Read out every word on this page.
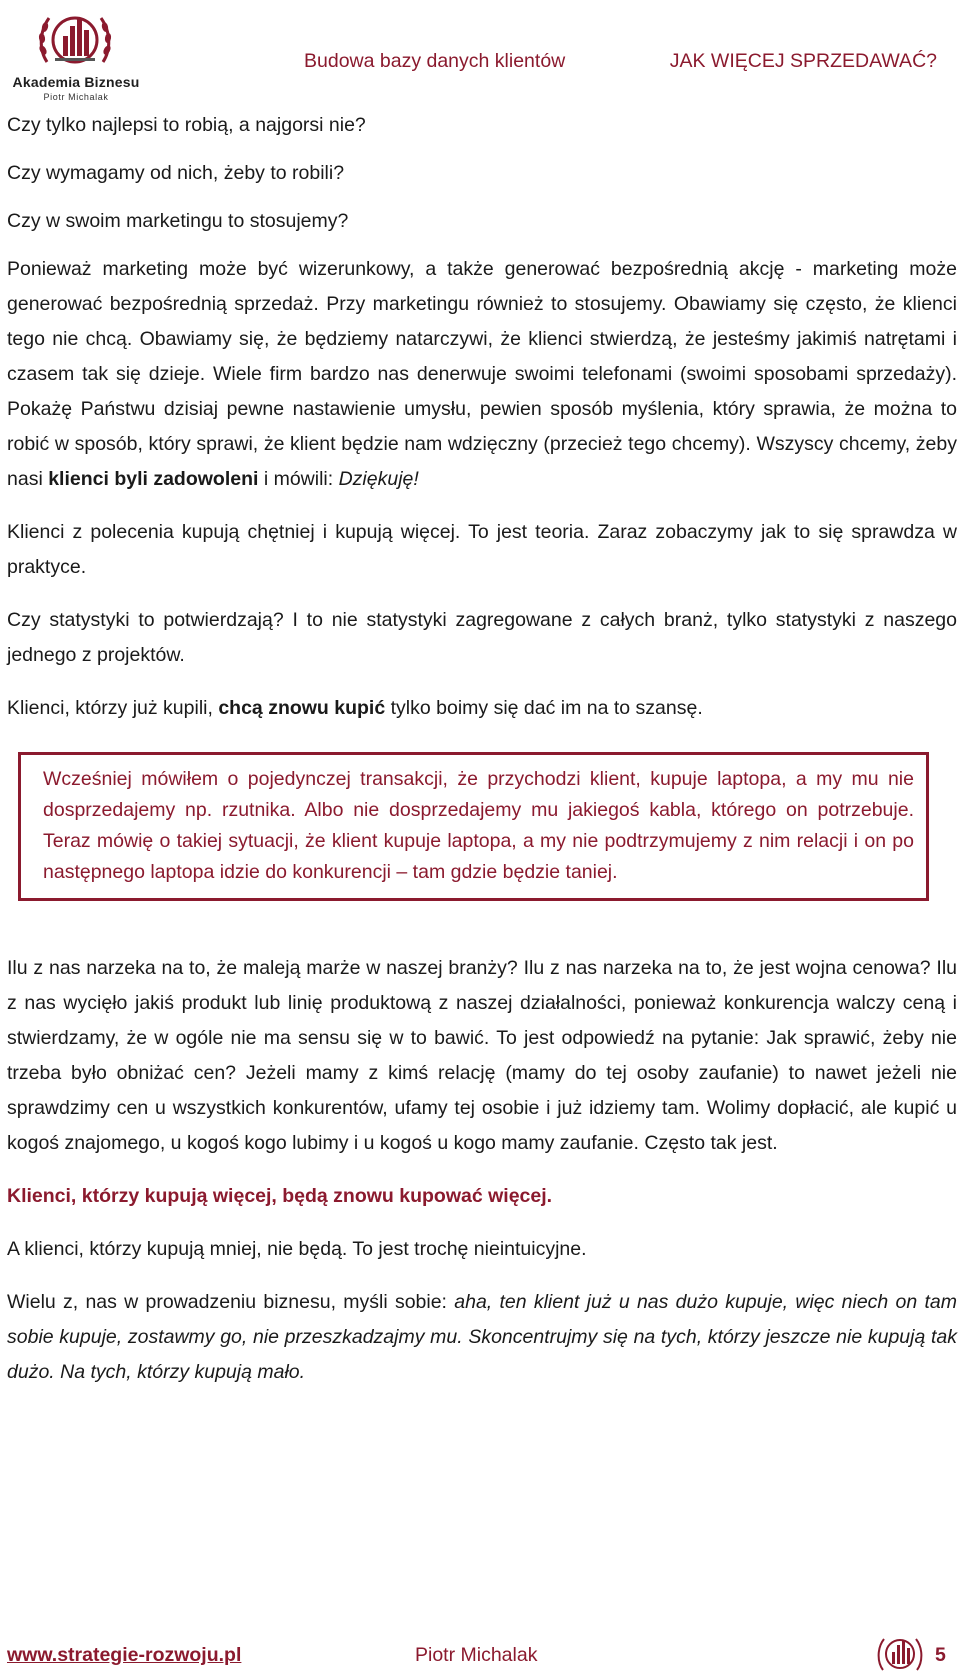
Akademia Biznesu
Piotr Michalak
Budowa bazy danych klientów	JAK WIĘCEJ SPRZEDAWAĆ?

Czy tylko najlepsi to robią, a najgorsi nie?

Czy wymagamy od nich, żeby to robili?

Czy w swoim marketingu to stosujemy?

Ponieważ marketing może być wizerunkowy, a także generować bezpośrednią akcję - marketing może generować bezpośrednią sprzedaż. Przy marketingu również to stosujemy. Obawiamy się często, że klienci tego nie chcą. Obawiamy się, że będziemy natarczywi, że klienci stwierdzą, że jesteśmy jakimiś natrętami i czasem tak się dzieje. Wiele firm bardzo nas denerwuje swoimi telefonami (swoimi sposobami sprzedaży). Pokażę Państwu dzisiaj pewne nastawienie umysłu, pewien sposób myślenia, który sprawia, że można to robić w sposób, który sprawi, że klient będzie nam wdzięczny (przecież tego chcemy). Wszyscy chcemy, żeby nasi klienci byli zadowoleni i mówili: Dziękuję!

Klienci z polecenia kupują chętniej i kupują więcej. To jest teoria. Zaraz zobaczymy jak to się sprawdza w praktyce.

Czy statystyki to potwierdzają? I to nie statystyki zagregowane z całych branż, tylko statystyki z naszego jednego z projektów.

Klienci, którzy już kupili, chcą znowu kupić tylko boimy się dać im na to szansę.

Wcześniej mówiłem o pojedynczej transakcji, że przychodzi klient, kupuje laptopa, a my mu nie dosprzedajemy np. rzutnika. Albo nie dosprzedajemy mu jakiegoś kabla, którego on potrzebuje. Teraz mówię o takiej sytuacji, że klient kupuje laptopa, a my nie podtrzymujemy z nim relacji i on po następnego laptopa idzie do konkurencji – tam gdzie będzie taniej.

Ilu z nas narzeka na to, że maleją marże w naszej branży? Ilu z nas narzeka na to, że jest wojna cenowa? Ilu z nas wycięło jakiś produkt lub linię produktową z naszej działalności, ponieważ konkurencja walczy ceną i stwierdzamy, że w ogóle nie ma sensu się w to bawić. To jest odpowiedź na pytanie: Jak sprawić, żeby nie trzeba było obniżać cen? Jeżeli mamy z kimś relację (mamy do tej osoby zaufanie) to nawet jeżeli nie sprawdzimy cen u wszystkich konkurentów, ufamy tej osobie i już idziemy tam. Wolimy dopłacić, ale kupić u kogoś znajomego, u kogoś kogo lubimy i u kogoś u kogo mamy zaufanie. Często tak jest.

Klienci, którzy kupują więcej, będą znowu kupować więcej.

A klienci, którzy kupują mniej, nie będą. To jest trochę nieintuicyjne.

Wielu z, nas w prowadzeniu biznesu, myśli sobie: aha, ten klient już u nas dużo kupuje, więc niech on tam sobie kupuje, zostawmy go, nie przeszkadzajmy mu. Skoncentrujmy się na tych, którzy jeszcze nie kupują tak dużo. Na tych, którzy kupują mało.

www.strategie-rozwoju.pl	Piotr Michalak	5
